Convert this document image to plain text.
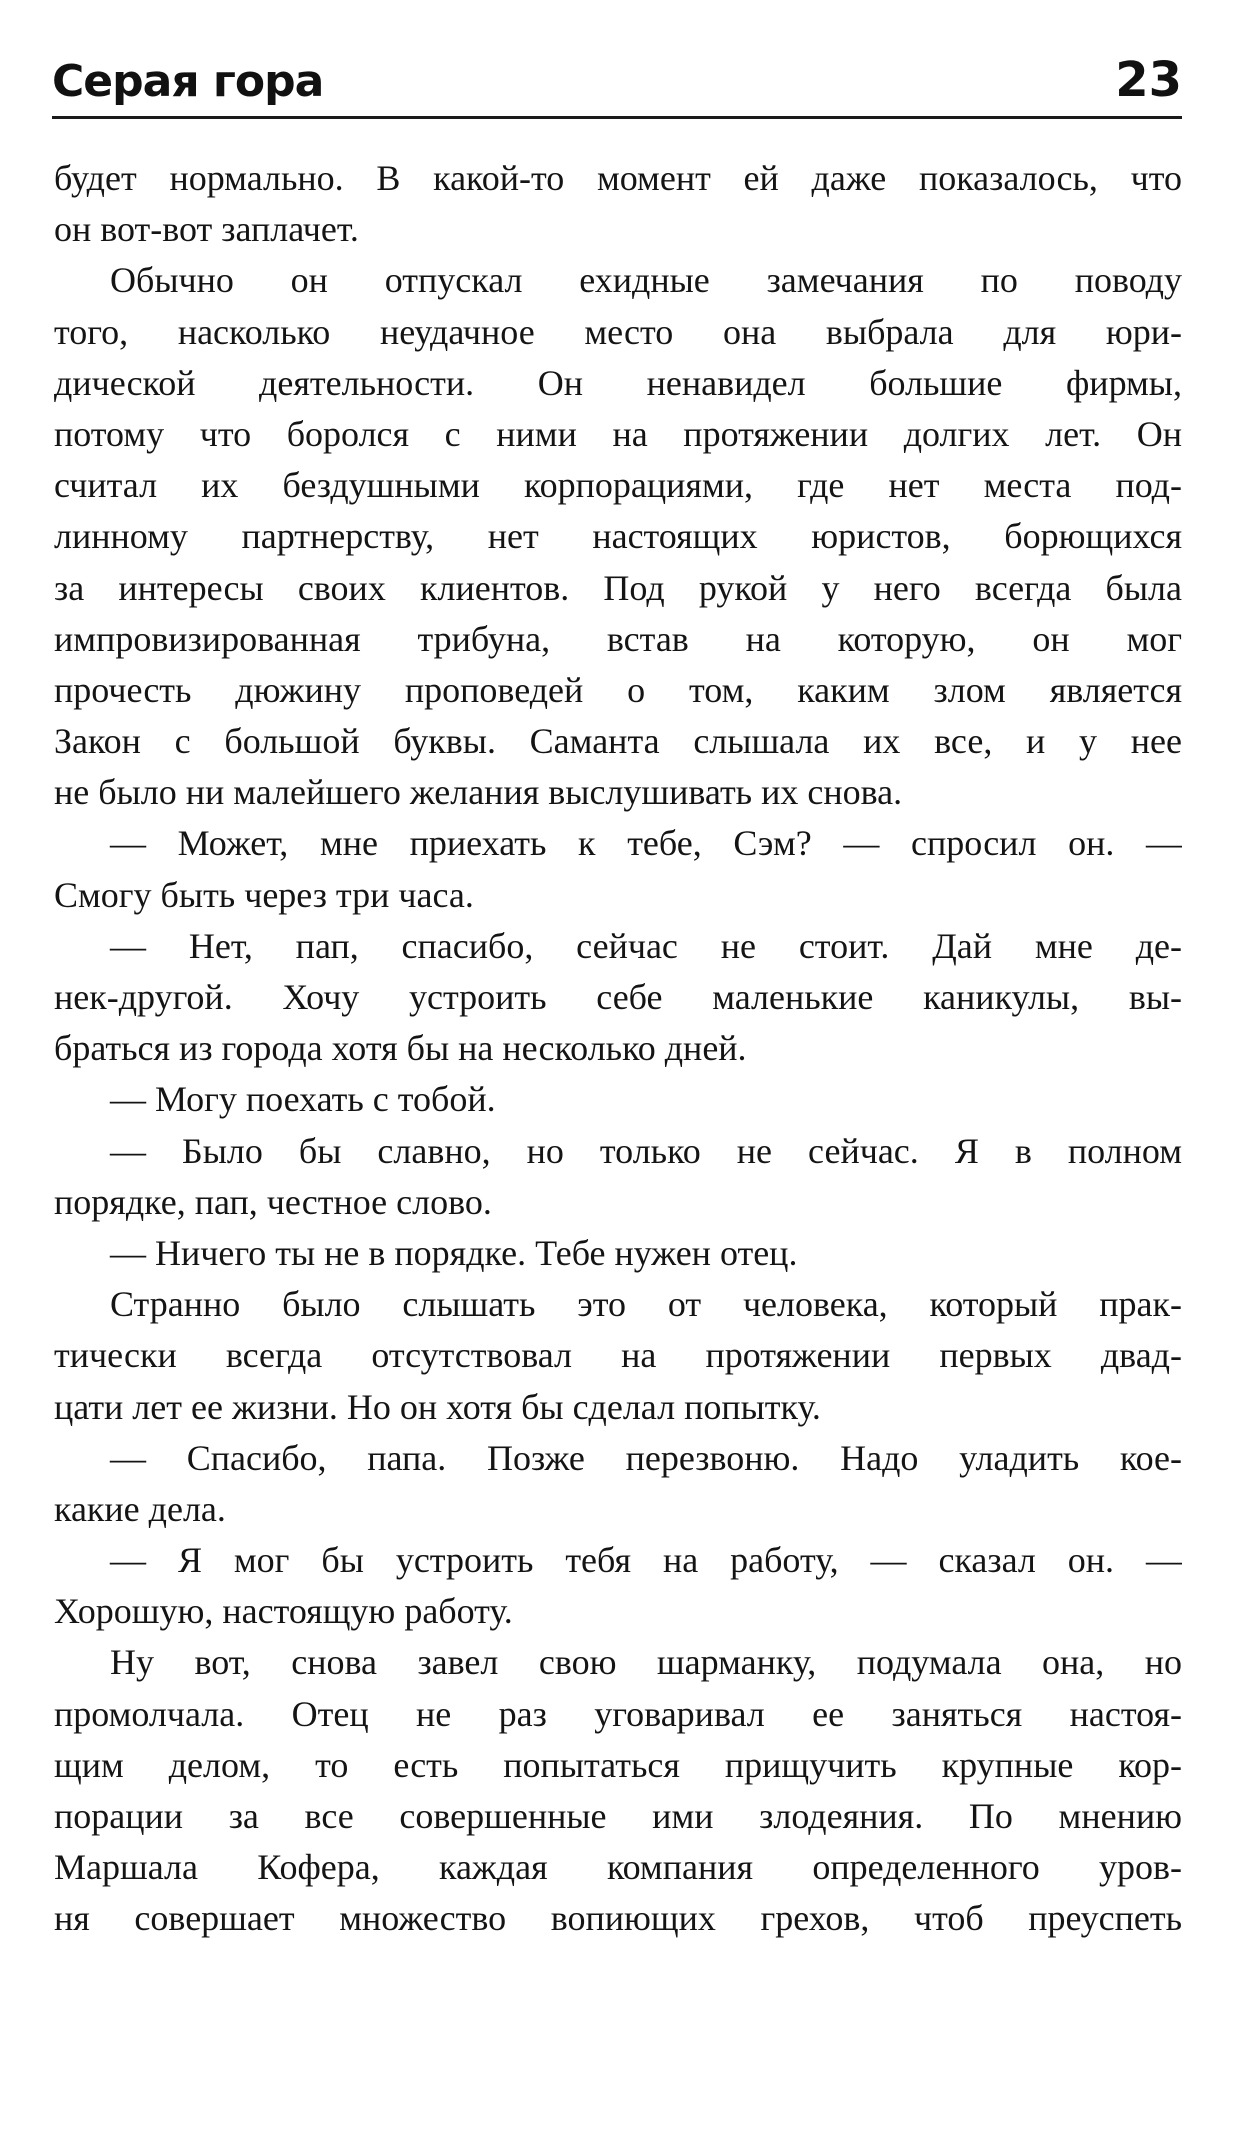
Серая гора	23
будет нормально. В какой-то момент ей даже показалось, что
он вот-вот заплачет.
Обычно он отпускал ехидные замечания по поводу
того, насколько неудачное место она выбрала для юри-
дической деятельности. Он ненавидел большие фирмы,
потому что боролся с ними на протяжении долгих лет. Он
считал их бездушными корпорациями, где нет места под-
линному партнерству, нет настоящих юристов, борющихся
за интересы своих клиентов. Под рукой у него всегда была
импровизированная трибуна, встав на которую, он мог
прочесть дюжину проповедей о том, каким злом является
Закон с большой буквы. Саманта слышала их все, и у нее
не было ни малейшего желания выслушивать их снова.
— Может, мне приехать к тебе, Сэм? — спросил он. —
Смогу быть через три часа.
— Нет, пап, спасибо, сейчас не стоит. Дай мне де-
нек-другой. Хочу устроить себе маленькие каникулы, вы-
браться из города хотя бы на несколько дней.
— Могу поехать с тобой.
— Было бы славно, но только не сейчас. Я в полном
порядке, пап, честное слово.
— Ничего ты не в порядке. Тебе нужен отец.
Странно было слышать это от человека, который прак-
тически всегда отсутствовал на протяжении первых двад-
цати лет ее жизни. Но он хотя бы сделал попытку.
— Спасибо, папа. Позже перезвоню. Надо уладить кое-
какие дела.
— Я мог бы устроить тебя на работу, — сказал он. —
Хорошую, настоящую работу.
Ну вот, снова завел свою шарманку, подумала она, но
промолчала. Отец не раз уговаривал ее заняться настоя-
щим делом, то есть попытаться прищучить крупные кор-
порации за все совершенные ими злодеяния. По мнению
Маршала Кофера, каждая компания определенного уров-
ня совершает множество вопиющих грехов, чтоб преуспеть
